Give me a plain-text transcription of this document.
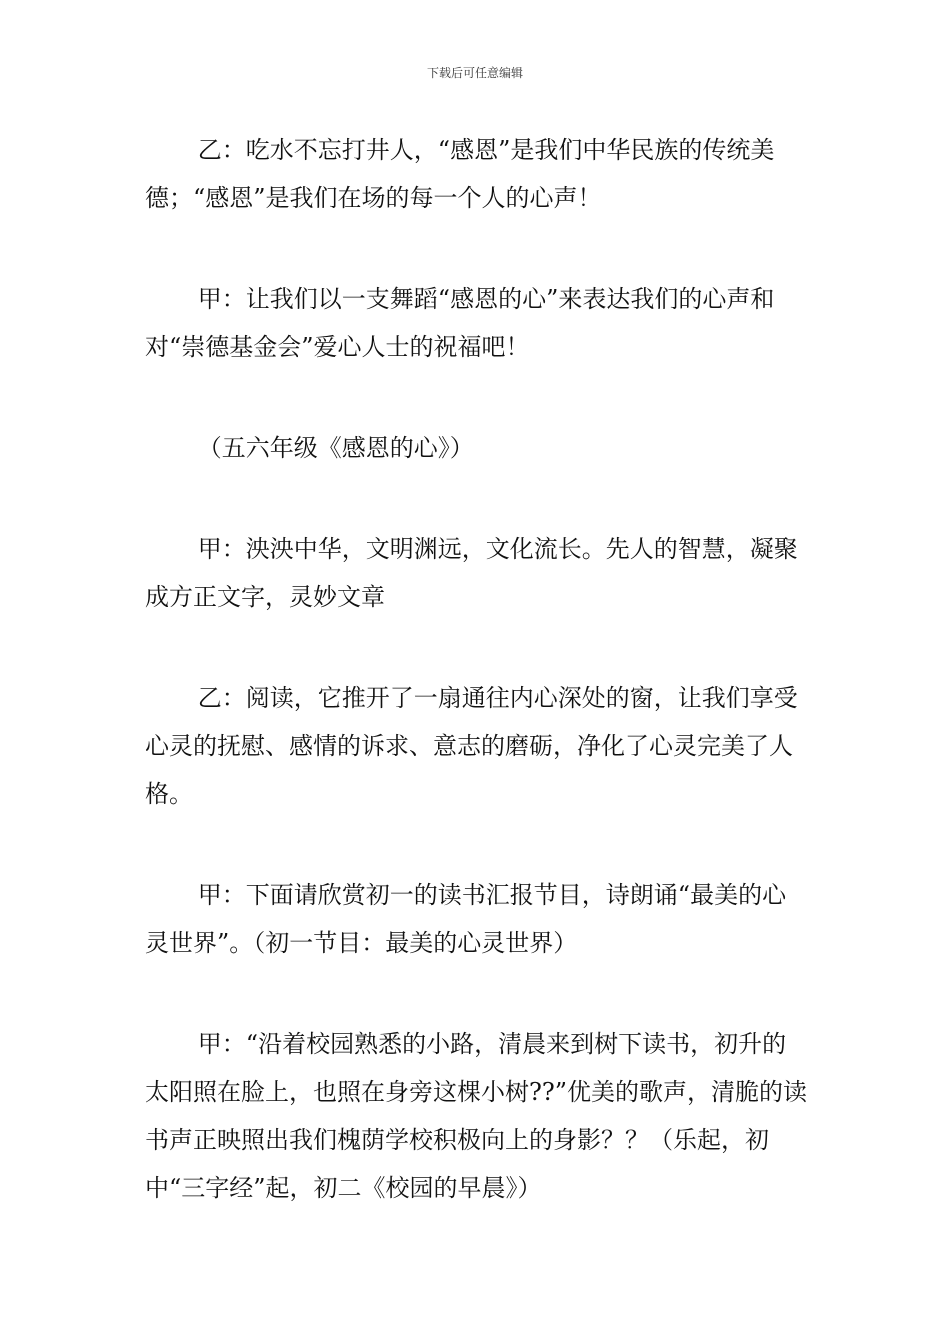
下载后可任意编辑

乙：吃水不忘打井人，“感恩”是我们中华民族的传统美德；“感恩”是我们在场的每一个人的心声！

甲：让我们以一支舞蹈“感恩的心”来表达我们的心声和对“崇德基金会”爱心人士的祝福吧！

（五六年级《感恩的心》）

甲：泱泱中华，文明渊远，文化流长。先人的智慧，凝聚成方正文字，灵妙文章

乙：阅读，它推开了一扇通往内心深处的窗，让我们享受心灵的抚慰、感情的诉求、意志的磨砺，净化了心灵完美了人格。

甲：下面请欣赏初一的读书汇报节目，诗朗诵“最美的心灵世界”。（初一节目：最美的心灵世界）

甲：“沿着校园熟悉的小路，清晨来到树下读书，初升的太阳照在脸上，也照在身旁这棵小树??”优美的歌声，清脆的读书声正映照出我们槐荫学校积极向上的身影？？（乐起，初中“三字经”起，初二《校园的早晨》）
